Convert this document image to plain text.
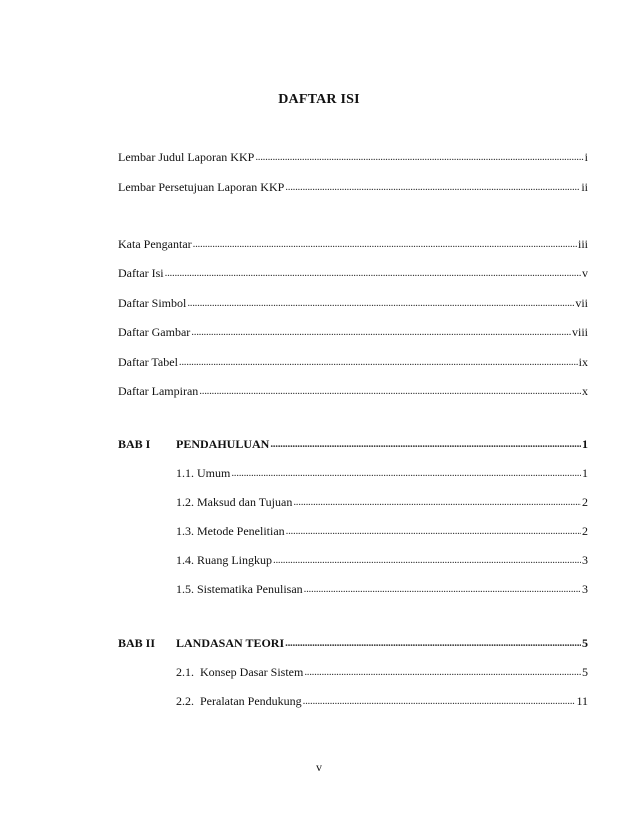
DAFTAR ISI
Lembar Judul Laporan KKP .....	i
Lembar Persetujuan Laporan KKP .....	ii
Kata Pengantar .....	iii
Daftar Isi .....	v
Daftar Simbol .....	vii
Daftar Gambar .....	viii
Daftar Tabel .....	ix
Daftar Lampiran .....	x
BAB I	PENDAHULUAN .....	1
1.1. Umum .....	1
1.2. Maksud dan Tujuan .....	2
1.3. Metode Penelitian .....	2
1.4. Ruang Lingkup .....	3
1.5. Sistematika Penulisan .....	3
BAB II	LANDASAN TEORI .....	5
2.1.  Konsep Dasar Sistem .....	5
2.2.  Peralatan Pendukung .....	11
v
